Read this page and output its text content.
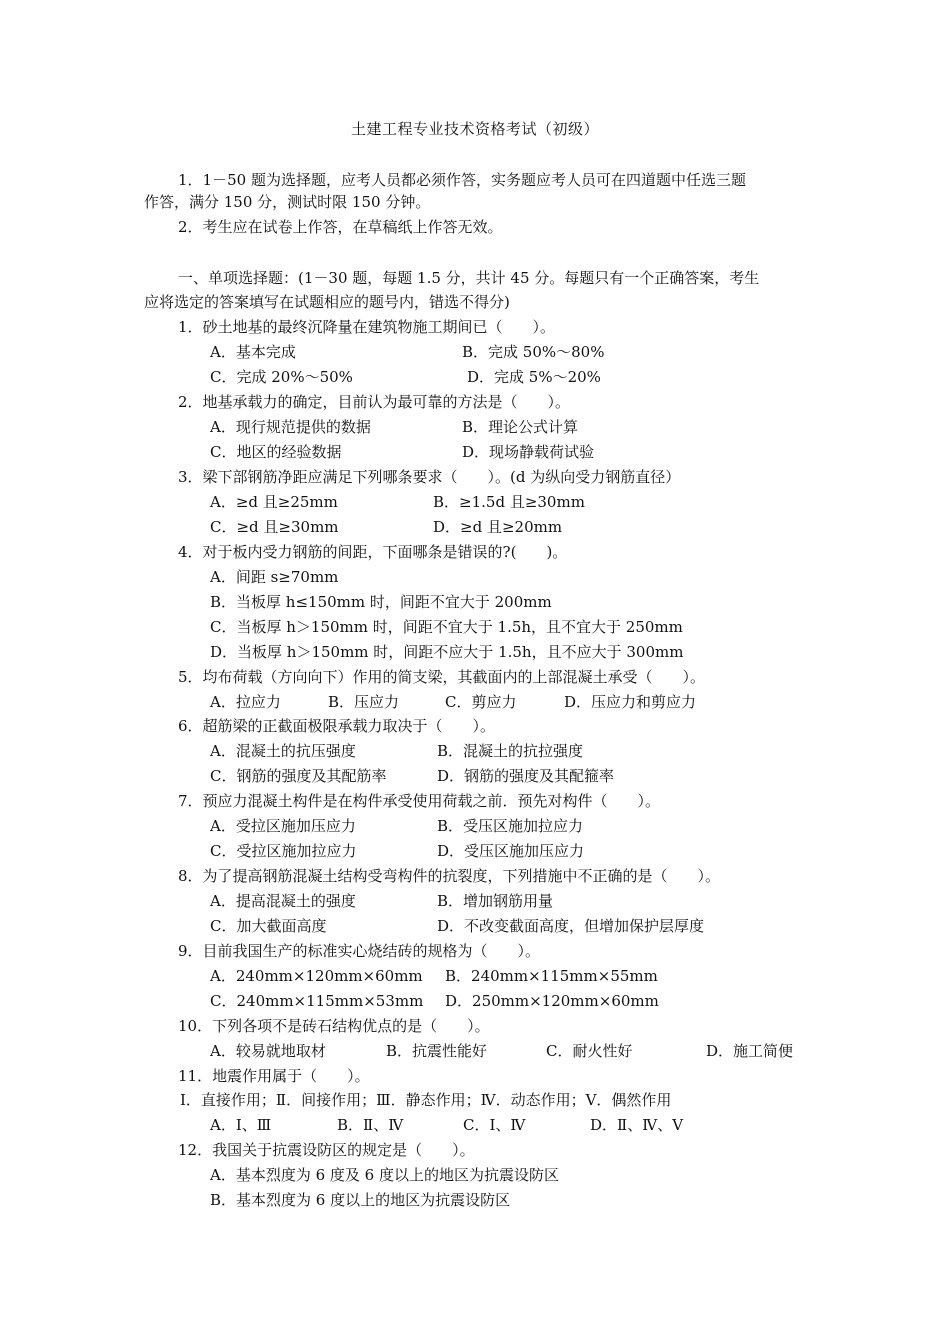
土建工程专业技术资格考试（初级）
1．1－50 题为选择题，应考人员都必须作答，实务题应考人员可在四道题中任选三题
作答，满分 150 分，测试时限 150 分钟。
2．考生应在试卷上作答，在草稿纸上作答无效。
一、单项选择题：(1－30 题，每题 1.5 分，共计 45 分。每题只有一个正确答案，考生
应将选定的答案填写在试题相应的题号内，错选不得分)
1．砂土地基的最终沉降量在建筑物施工期间已（　　）。
A．基本完成	B．完成 50%～80%
C．完成 20%～50%	D．完成 5%～20%
2．地基承载力的确定，目前认为最可靠的方法是（　　）。
A．现行规范提供的数据	B．理论公式计算
C．地区的经验数据	D．现场静载荷试验
3．梁下部钢筋净距应满足下列哪条要求（　　）。(d 为纵向受力钢筋直径）
A．≥d 且≥25mm	B．≥1.5d 且≥30mm
C．≥d 且≥30mm	D．≥d 且≥20mm
4．对于板内受力钢筋的间距，下面哪条是错误的?(　　)。
A．间距 s≥70mm
B．当板厚 h≤150mm 时，间距不宜大于 200mm
C．当板厚 h＞150mm 时，间距不宜大于 1.5h，且不宜大于 250mm
D．当板厚 h＞150mm 时，间距不应大于 1.5h，且不应大于 300mm
5．均布荷载（方向向下）作用的简支梁，其截面内的上部混凝土承受（　　）。
A．拉应力	B．压应力	C．剪应力	D．压应力和剪应力
6．超筋梁的正截面极限承载力取决于（　　）。
A．混凝土的抗压强度	B．混凝土的抗拉强度
C．钢筋的强度及其配筋率	D．钢筋的强度及其配箍率
7．预应力混凝土构件是在构件承受使用荷载之前．预先对构件（　　）。
A．受拉区施加压应力	B．受压区施加拉应力
C．受拉区施加拉应力	D．受压区施加压应力
8．为了提高钢筋混凝土结构受弯构件的抗裂度，下列措施中不正确的是（　　）。
A．提高混凝土的强度	B．增加钢筋用量
C．加大截面高度	D．不改变截面高度，但增加保护层厚度
9．目前我国生产的标准实心烧结砖的规格为（　　）。
A．240mm×120mm×60mm B．240mm×115mm×55mm
C．240mm×115mm×53mm D．250mm×120mm×60mm
10．下列各项不是砖石结构优点的是（　　）。
A．较易就地取材	B．抗震性能好	C．耐火性好	D．施工简便
11．地震作用属于（　　）。
Ⅰ．直接作用；Ⅱ．间接作用；Ⅲ．静态作用；Ⅳ．动态作用；Ⅴ．偶然作用
A．Ⅰ、Ⅲ	B．Ⅱ、Ⅳ	C．Ⅰ、Ⅳ	D．Ⅱ、Ⅳ、Ⅴ
12．我国关于抗震设防区的规定是（　　）。
A．基本烈度为 6 度及 6 度以上的地区为抗震设防区
B．基本烈度为 6 度以上的地区为抗震设防区
